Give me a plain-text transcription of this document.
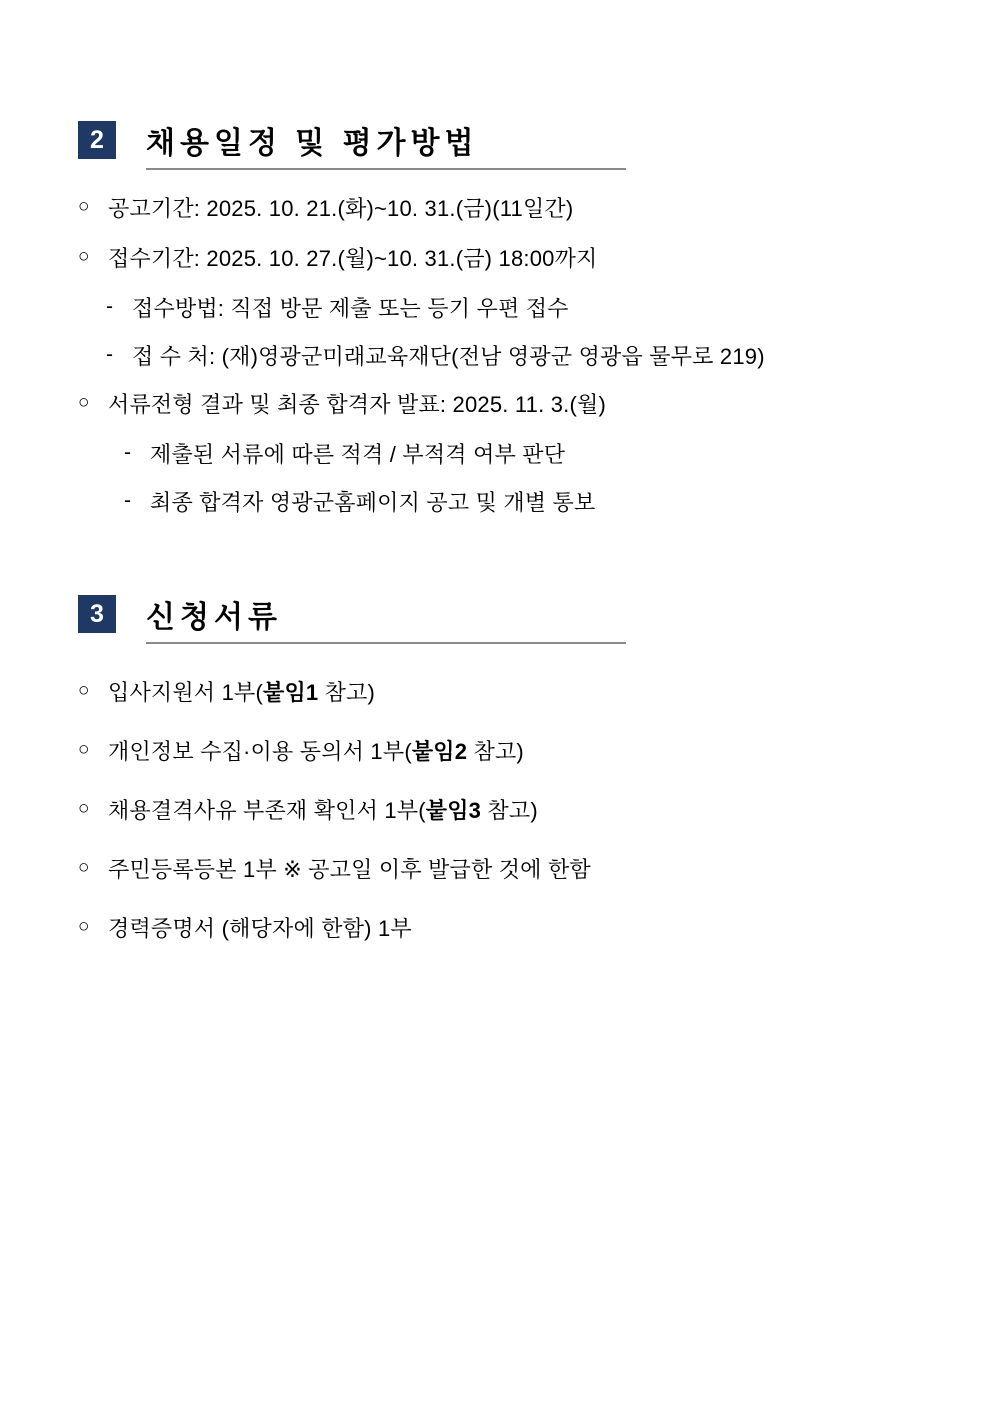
2	채용일정 및 평가방법
○ 공고기간: 2025. 10. 21.(화)~10. 31.(금)(11일간)
○ 접수기간: 2025. 10. 27.(월)~10. 31.(금) 18:00까지
- 접수방법: 직접 방문 제출 또는 등기 우편 접수
- 접 수 처: (재)영광군미래교육재단(전남 영광군 영광읍 물무로 219)
○ 서류전형 결과 및 최종 합격자 발표: 2025. 11. 3.(월)
- 제출된 서류에 따른 적격 / 부적격 여부 판단
- 최종 합격자 영광군홈페이지 공고 및 개별 통보
3	신청서류
○ 입사지원서 1부(붙임1 참고)
○ 개인정보 수집·이용 동의서 1부(붙임2 참고)
○ 채용결격사유 부존재 확인서 1부(붙임3 참고)
○ 주민등록등본 1부 ※ 공고일 이후 발급한 것에 한함
○ 경력증명서 (해당자에 한함) 1부
